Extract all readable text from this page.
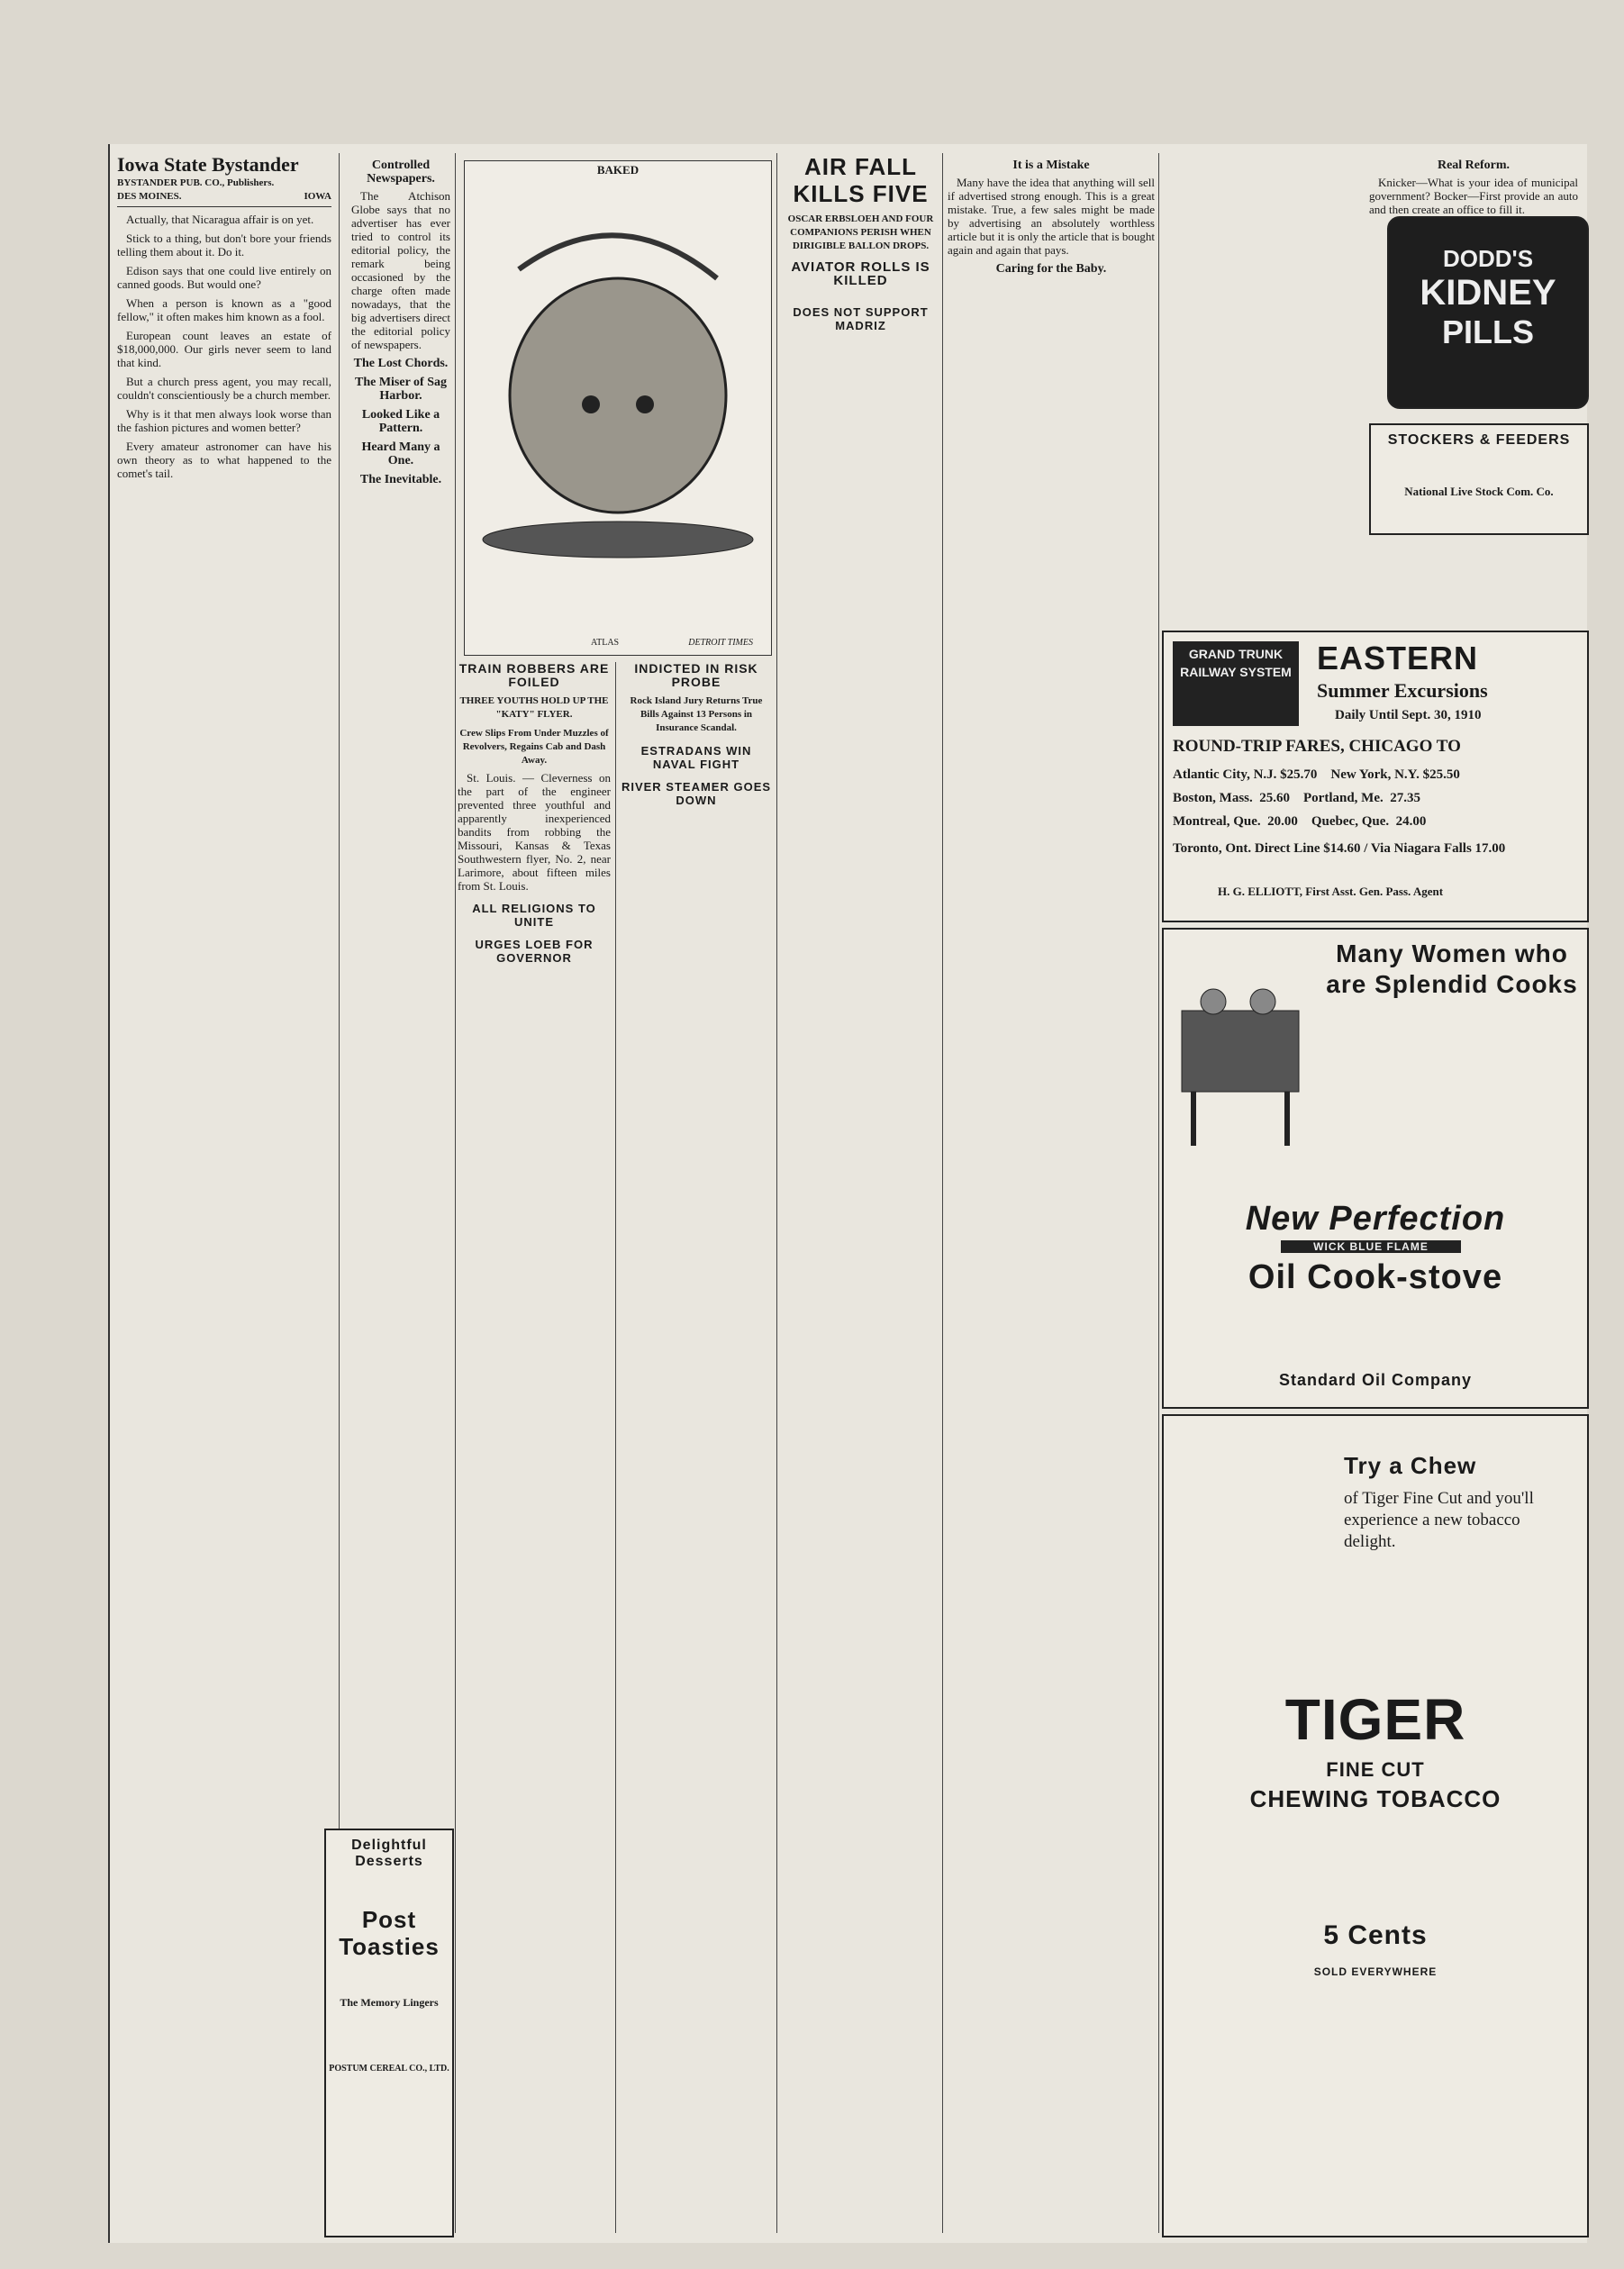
Iowa State Bystander
BYSTANDER PUB. CO., Publishers.
DES MOINES.	IOWA

Actually, that Nicaragua affair is on yet.

Stick to a thing, but don't bore your friends telling them about it. Do it.

Edison says that one could live entirely on canned goods. But would one?

When a person is known as a "good fellow," it often makes him known as a fool.

European count leaves an estate of $18,000,000. Our girls never seem to land that kind.

But a church press agent, you may recall, couldn't conscientiously be a church member.

Why is it that men always look worse than the fashion pictures and women better?

Every amateur astronomer can have his own theory as to what happened to the comet's tail.

Controlled Newspapers.

The Atchison Globe says that no advertiser has ever tried to control its editorial policy, the remark being occasioned by the charge often made nowadays, that the big advertisers direct the editorial policy of newspapers.

The Lost Chords.
The Miser of Sag Harbor.
Looked Like a Pattern.
Heard Many a One.
The Inevitable.
BAKED
ATLAS	DETROIT TIMES
TRAIN ROBBERS ARE FOILED
THREE YOUTHS HOLD UP THE "KATY" FLYER.
Crew Slips From Under Muzzles of Revolvers, Regains Cab and Dash Away.

St. Louis. — Cleverness on the part of the engineer prevented three youthful and apparently inexperienced bandits from robbing the Missouri, Kansas & Texas Southwestern flyer, No. 2, near Larimore, about fifteen miles from St. Louis.

ALL RELIGIONS TO UNITE
URGES LOEB FOR GOVERNOR
INDICTED IN RISK PROBE
Rock Island Jury Returns True Bills Against 13 Persons in Insurance Scandal.
ESTRADANS WIN NAVAL FIGHT
RIVER STEAMER GOES DOWN
AIR FALL KILLS FIVE
OSCAR ERBSLOEH AND FOUR COMPANIONS PERISH WHEN DIRIGIBLE BALLON DROPS.
AVIATOR ROLLS IS KILLED
DOES NOT SUPPORT MADRIZ
It is a Mistake

Many have the idea that anything will sell if advertised strong enough. This is a great mistake. True, a few sales might be made by advertising an absolutely worthless article but it is only the article that is bought again and again that pays.

Caring for the Baby.
Real Reform.

Knicker—What is your idea of municipal government? Bocker—First provide an auto and then create an office to fill it.

DODD'S
KIDNEY
PILLS
STOCKERS & FEEDERS
National Live Stock Com. Co.
GRAND TRUNK RAILWAY SYSTEM EASTERN
Summer Excursions
Daily Until Sept. 30, 1910
ROUND-TRIP FARES, CHICAGO TO
Atlantic City, N.J. $25.70    New York, N.Y. $25.50
Boston, Mass.  25.60    Portland, Me.  27.35
Montreal, Que.  20.00    Quebec, Que.  24.00
Toronto, Ont. Direct Line $14.60 / Via Niagara Falls 17.00
H. G. ELLIOTT, First Asst. Gen. Pass. Agent
Many Women who are Splendid Cooks
New Perfection
WICK BLUE FLAME
Oil Cook-stove
Standard Oil Company
Try a Chew
of Tiger Fine Cut and you'll experience a new tobacco delight.
TIGER
FINE CUT
CHEWING TOBACCO
5 Cents
SOLD EVERYWHERE
Delightful Desserts
Post Toasties
The Memory Lingers
POSTUM CEREAL CO., LTD.
